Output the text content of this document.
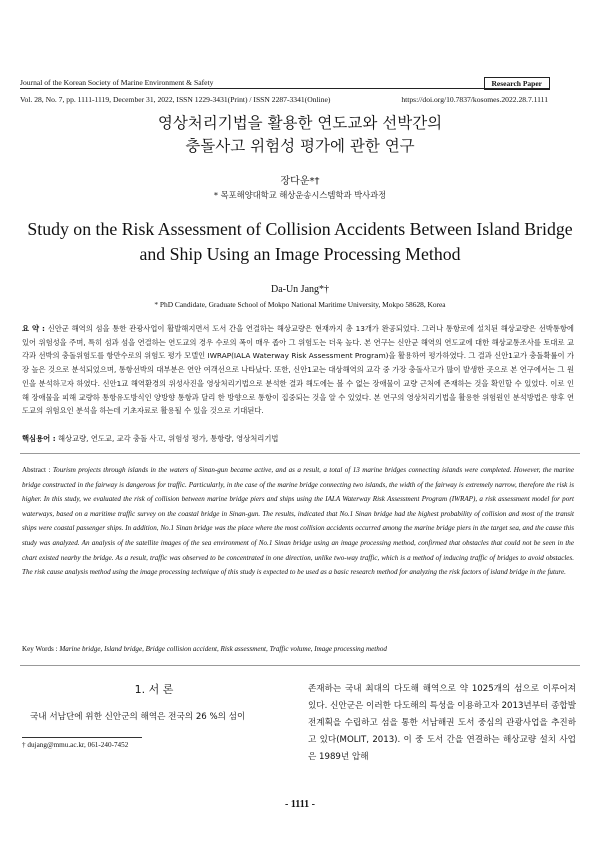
Journal of the Korean Society of Marine Environment & Safety	Research Paper
Vol. 28, No. 7, pp. 1111-1119, December 31, 2022, ISSN 1229-3431(Print) / ISSN 2287-3341(Online)	https://doi.org/10.7837/kosomes.2022.28.7.1111
영상처리기법을 활용한 연도교와 선박간의
충돌사고 위험성 평가에 관한 연구
장다운*†
* 목포해양대학교 해상운송시스템학과 박사과정
Study on the Risk Assessment of Collision Accidents Between Island Bridge
and Ship Using an Image Processing Method
Da-Un Jang*†
* PhD Candidate, Graduate School of Mokpo National Maritime University, Mokpo 58628, Korea
요 약 : 신안군 해역의 섬을 통한 관광사업이 활발해지면서 도서 간을 연결하는 해상교량은 현재까지 총 13개가 완공되었다. 그러나 통항로에 설치된 해상교량은 선박통항에 있어 위험성을 주며, 특히 섬과 섬을 연결하는 연도교의 경우 수로의 폭이 매우 좁아 그 위험도는 더욱 높다. 본 연구는 신안군 해역의 연도교에 대한 해상교통조사를 토대로 교각과 선박의 충돌위험도를 항만수로의 위험도 평가 모델인 IWRAP(IALA Waterway Risk Assessment Program)을 활용하여 평가하였다. 그 결과 신안1교가 충돌확률이 가장 높은 것으로 분석되었으며, 통항선박의 대부분은 연안 여객선으로 나타났다. 또한, 신안1교는 대상해역의 교각 중 가장 충돌사고가 많이 발생한 곳으로 본 연구에서는 그 원인을 분석하고자 하였다. 신안1교 해역환경의 위성사진을 영상처리기법으로 분석한 결과 해도에는 볼 수 없는 장애물이 교량 근처에 존재하는 것을 확인할 수 있었다. 이로 인해 장애물을 피해 교량하 통항유도방식인 양방향 통항과 달리 한 방향으로 통항이 집중되는 것을 알 수 있었다. 본 연구의 영상처리기법을 활용한 위험원인 분석방법은 향후 연도교의 위험요인 분석을 하는데 기초자료로 활용될 수 있을 것으로 기대된다.
핵심용어 : 해상교량, 연도교, 교각 충돌 사고, 위험성 평가, 통항량, 영상처리기법
Abstract : Tourism projects through islands in the waters of Sinan-gun became active, and as a result, a total of 13 marine bridges connecting islands were completed. However, the marine bridge constructed in the fairway is dangerous for traffic. Particularly, in the case of the marine bridge connecting two islands, the width of the fairway is extremely narrow, therefore the risk is higher. In this study, we evaluated the risk of collision between marine bridge piers and ships using the IALA Waterway Risk Assessment Program (IWRAP), a risk assessment model for port waterways, based on a maritime traffic survey on the coastal bridge in Sinan-gun. The results, indicated that No.1 Sinan bridge had the highest probability of collision and most of the transit ships were coastal passenger ships. In addition, No.1 Sinan bridge was the place where the most collision accidents occurred among the marine bridge piers in the target sea, and the cause this study was analyzed. An analysis of the satellite images of the sea environment of No.1 Sinan bridge using an image processing method, confirmed that obstacles that could not be seen in the chart existed nearby the bridge. As a result, traffic was observed to be concentrated in one direction, unlike two-way traffic, which is a method of inducing traffic of bridges to avoid obstacles. The risk cause analysis method using the image processing technique of this study is expected to be used as a basic research method for analyzing the risk factors of island bridge in the future.
Key Words : Marine bridge, Island bridge, Bridge collision accident, Risk assessment, Traffic volume, Image processing method
1. 서 론
국내 서남단에 위한 신안군의 해역은 전국의 26 %의 섬이
† dujang@mmu.ac.kr, 061-240-7452
존재하는 국내 최대의 다도해 해역으로 약 1025개의 섬으로 이루어져 있다. 신안군은 이러한 다도해의 특성을 이용하고자 2013년부터 종합발전계획을 수립하고 섬을 통한 서남해권 도서 중심의 관광사업을 추진하고 있다(MOLIT, 2013). 이 중 도서 간을 연결하는 해상교량 설치 사업은 1989년 압해
- 1111 -
